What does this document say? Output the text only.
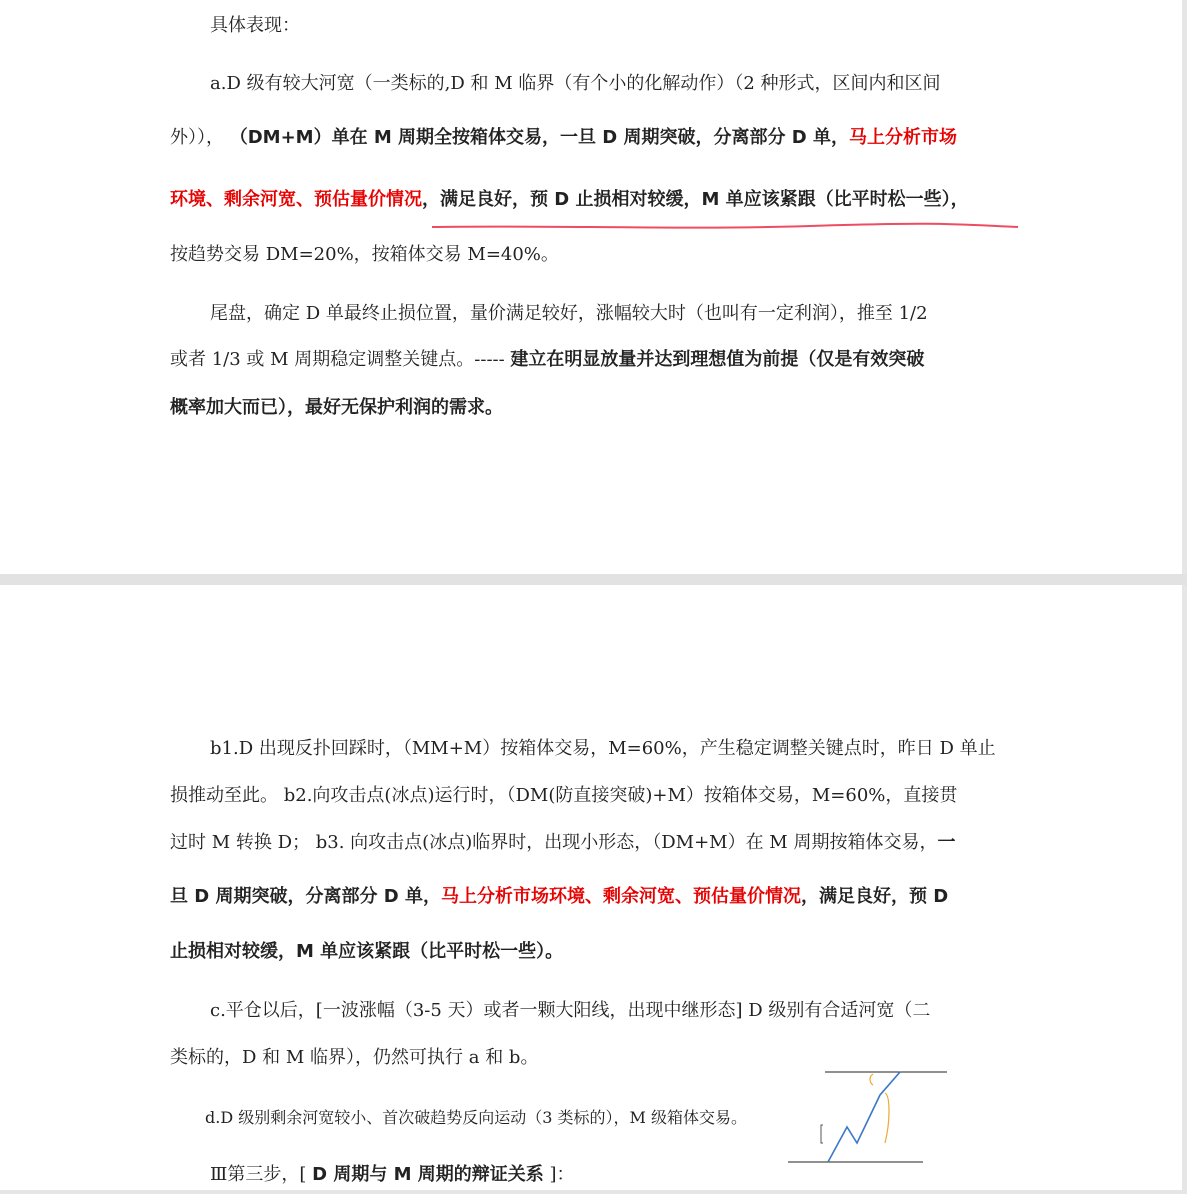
具体表现：
a.D 级有较大河宽（一类标的,D 和 M 临界（有个小的化解动作）（2 种形式，区间内和区间
外））， （DM+M）单在 M 周期全按箱体交易，一旦 D 周期突破，分离部分 D 单，马上分析市场
环境、剩余河宽、预估量价情况，满足良好，预 D 止损相对较缓，M 单应该紧跟（比平时松一些），
按趋势交易 DM=20%，按箱体交易 M=40%。
尾盘，确定 D 单最终止损位置，量价满足较好，涨幅较大时（也叫有一定利润），推至 1/2
或者 1/3 或 M 周期稳定调整关键点。----- 建立在明显放量并达到理想值为前提（仅是有效突破
概率加大而已），最好无保护利润的需求。
b1.D 出现反扑回踩时，（MM+M）按箱体交易，M=60%，产生稳定调整关键点时，昨日 D 单止
损推动至此。 b2.向攻击点(冰点)运行时，（DM(防直接突破)+M）按箱体交易，M=60%，直接贯
过时 M 转换 D； b3. 向攻击点(冰点)临界时，出现小形态，（DM+M）在 M 周期按箱体交易，一
旦 D 周期突破，分离部分 D 单，马上分析市场环境、剩余河宽、预估量价情况，满足良好，预 D
止损相对较缓，M 单应该紧跟（比平时松一些）。
c.平仓以后，[一波涨幅（3-5 天）或者一颗大阳线，出现中继形态] D 级别有合适河宽（二
类标的，D 和 M 临界），仍然可执行 a 和 b。
d.D 级别剩余河宽较小、首次破趋势反向运动（3 类标的），M 级箱体交易。
Ⅲ第三步，[ D 周期与 M 周期的辩证关系 ]：
